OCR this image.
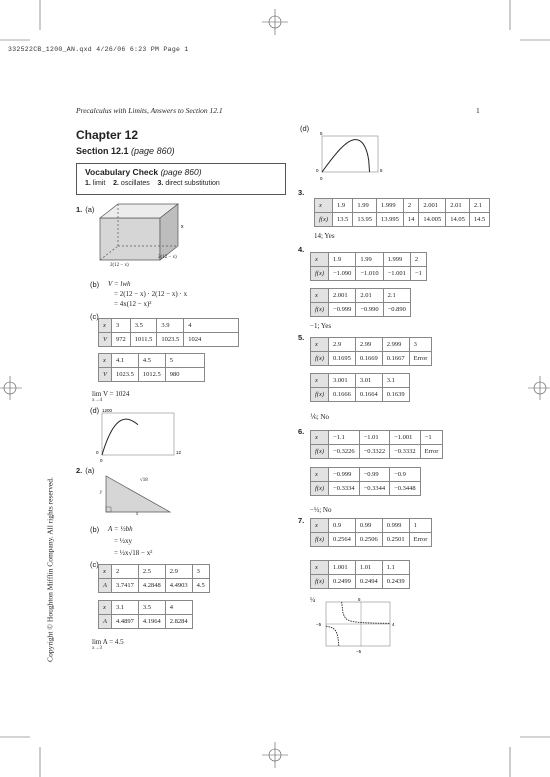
332522CB_1200_AN.qxd 4/26/06 6:23 PM Page 1
Precalculus with Limits, Answers to Section 12.1	1
Chapter 12
Section 12.1 (page 860)
Vocabulary Check (page 860)
1. limit 2. oscillates 3. direct substitution
1. (a)
x
2(12 − x)
2(12 − x)
(b) V = lwh
= 2(12 − x) · 2(12 − x) · x
= 4x(12 − x)²
(c)
x	3	3.5	3.9	4
V	972	1011.5	1023.5	1024
x	4.1	4.5	5
V	1023.5	1012.5	980
lim V = 1024
x→4
(d) 1200
0	12
0
2. (a)
√18
y
x
(b) A = ½bh
= ½xy
= ½x√18 − x²
(c)
x	2	2.5	2.9	3
A	3.7417	4.2848	4.4903	4.5
x	3.1	3.5	4
A	4.4897	4.1964	2.8284
lim A = 4.5
x→3
(d)
5
0	5
0
3.
x	1.9	1.99	1.999	2	2.001	2.01	2.1
f(x)	13.5	13.95	13.995	14	14.005	14.05	14.5
14; Yes
4.
x	1.9	1.99	1.999	2
f(x)	−1.090	−1.010	−1.001	−1
x	2.001	2.01	2.1
f(x)	−0.999	−0.990	−0.890
−1; Yes
5.
x	2.9	2.99	2.999	3
f(x)	0.1695	0.1669	0.1667	Error
x	3.001	3.01	3.1
f(x)	0.1666	0.1664	0.1639
⅙; No
6.
x	−1.1	−1.01	−1.001	−1
f(x)	−0.3226	−0.3322	−0.3332	Error
x	−0.999	−0.99	−0.9
f(x)	−0.3334	−0.3344	−0.3448
−⅓; No
7.
x	0.9	0.99	0.999	1
f(x)	0.2564	0.2506	0.2501	Error
x	1.001	1.01	1.1
f(x)	0.2499	0.2494	0.2439
¼	5
−5	4
−5
Copyright © Houghton Mifflin Company. All rights reserved.
